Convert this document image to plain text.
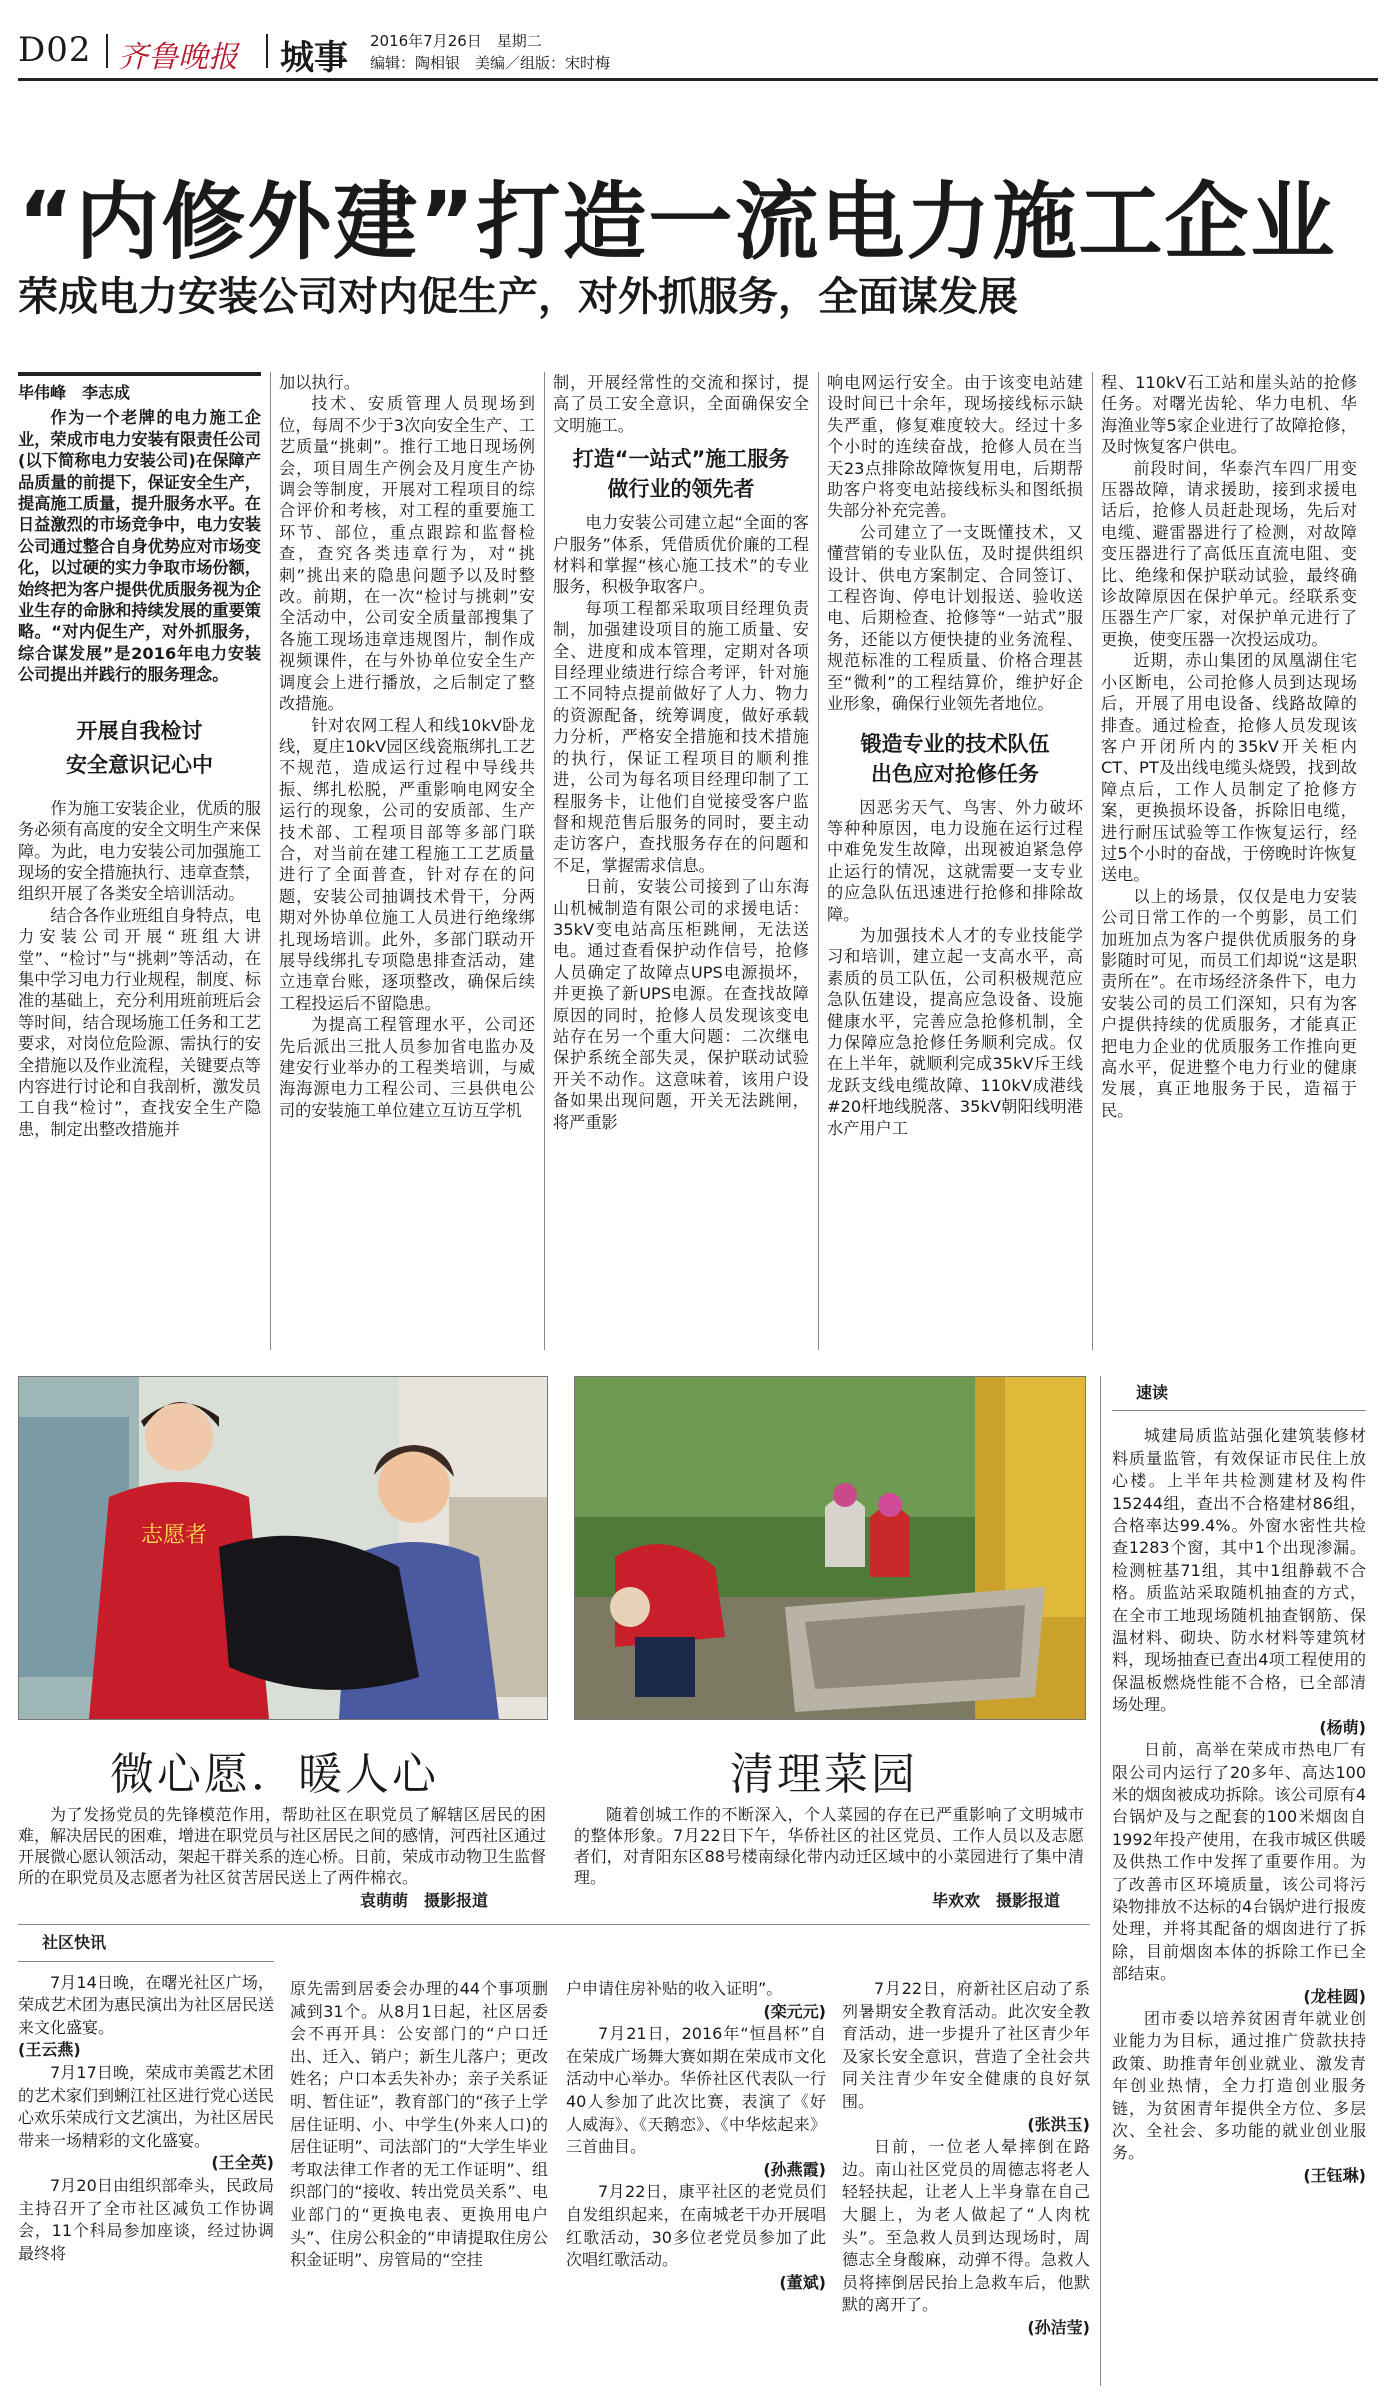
D02 齐鲁晚报 城事 2016年7月26日　星期二
编辑：陶相银　美编／组版：宋时梅
“内修外建”打造一流电力施工企业
荣成电力安装公司对内促生产，对外抓服务，全面谋发展
毕伟峰　李志成

作为一个老牌的电力施工企业，荣成市电力安装有限责任公司(以下简称电力安装公司)在保障产品质量的前提下，保证安全生产，提高施工质量，提升服务水平。在日益激烈的市场竞争中，电力安装公司通过整合自身优势应对市场变化，以过硬的实力争取市场份额，始终把为客户提供优质服务视为企业生存的命脉和持续发展的重要策略。“对内促生产，对外抓服务，综合谋发展”是2016年电力安装公司提出并践行的服务理念。

开展自我检讨
安全意识记心中

作为施工安装企业，优质的服务必须有高度的安全文明生产来保障。为此，电力安装公司加强施工现场的安全措施执行、违章查禁，组织开展了各类安全培训活动。

结合各作业班组自身特点，电力安装公司开展“班组大讲堂”、“检讨”与“挑刺”等活动，在集中学习电力行业规程，制度、标准的基础上，充分利用班前班后会等时间，结合现场施工任务和工艺要求，对岗位危险源、需执行的安全措施以及作业流程，关键要点等内容进行讨论和自我剖析，激发员工自我“检讨”，查找安全生产隐患，制定出整改措施并

加以执行。

技术、安质管理人员现场到位，每周不少于3次向安全生产、工艺质量“挑刺”。推行工地日现场例会，项目周生产例会及月度生产协调会等制度，开展对工程项目的综合评价和考核，对工程的重要施工环节、部位，重点跟踪和监督检查，查究各类违章行为，对“挑刺”挑出来的隐患问题予以及时整改。前期，在一次“检讨与挑刺”安全活动中，公司安全质量部搜集了各施工现场违章违规图片，制作成视频课件，在与外协单位安全生产调度会上进行播放，之后制定了整改措施。

针对农网工程人和线10kV卧龙线，夏庄10kV园区线瓷瓶绑扎工艺不规范，造成运行过程中导线共振、绑扎松脱，严重影响电网安全运行的现象，公司的安质部、生产技术部、工程项目部等多部门联合，对当前在建工程施工工艺质量进行了全面普查，针对存在的问题，安装公司抽调技术骨干，分两期对外协单位施工人员进行绝缘绑扎现场培训。此外，多部门联动开展导线绑扎专项隐患排查活动，建立违章台账，逐项整改，确保后续工程投运后不留隐患。

为提高工程管理水平，公司还先后派出三批人员参加省电监办及建安行业举办的工程类培训，与威海海源电力工程公司、三县供电公司的安装施工单位建立互访互学机

制，开展经常性的交流和探讨，提高了员工安全意识，全面确保安全文明施工。

打造“一站式”施工服务
做行业的领先者

电力安装公司建立起“全面的客户服务”体系，凭借质优价廉的工程材料和掌握“核心施工技术”的专业服务，积极争取客户。

每项工程都采取项目经理负责制，加强建设项目的施工质量、安全、进度和成本管理，定期对各项目经理业绩进行综合考评，针对施工不同特点提前做好了人力、物力的资源配备，统筹调度，做好承载力分析，严格安全措施和技术措施的执行，保证工程项目的顺利推进，公司为每名项目经理印制了工程服务卡，让他们自觉接受客户监督和规范售后服务的同时，要主动走访客户，查找服务存在的问题和不足，掌握需求信息。

日前，安装公司接到了山东海山机械制造有限公司的求援电话：35kV变电站高压柜跳闸，无法送电。通过查看保护动作信号，抢修人员确定了故障点UPS电源损坏，并更换了新UPS电源。在查找故障原因的同时，抢修人员发现该变电站存在另一个重大问题：二次继电保护系统全部失灵，保护联动试验开关不动作。这意味着，该用户设备如果出现问题，开关无法跳闸，将严重影

响电网运行安全。由于该变电站建设时间已十余年，现场接线标示缺失严重，修复难度较大。经过十多个小时的连续奋战，抢修人员在当天23点排除故障恢复用电，后期帮助客户将变电站接线标头和图纸损失部分补充完善。

公司建立了一支既懂技术，又懂营销的专业队伍，及时提供组织设计、供电方案制定、合同签订、工程咨询、停电计划报送、验收送电、后期检查、抢修等“一站式”服务，还能以方便快捷的业务流程、规范标准的工程质量、价格合理甚至“微利”的工程结算价，维护好企业形象，确保行业领先者地位。

锻造专业的技术队伍
出色应对抢修任务

因恶劣天气、鸟害、外力破坏等种种原因，电力设施在运行过程中难免发生故障，出现被迫紧急停止运行的情况，这就需要一支专业的应急队伍迅速进行抢修和排除故障。

为加强技术人才的专业技能学习和培训，建立起一支高水平，高素质的员工队伍，公司积极规范应急队伍建设，提高应急设备、设施健康水平，完善应急抢修机制，全力保障应急抢修任务顺利完成。仅在上半年，就顺利完成35kV斥王线龙跃支线电缆故障、110kV成港线#20杆地线脱落、35kV朝阳线明港水产用户工

程、110kV石工站和崖头站的抢修任务。对曙光齿轮、华力电机、华海渔业等5家企业进行了故障抢修，及时恢复客户供电。

前段时间，华泰汽车四厂用变压器故障，请求援助，接到求援电话后，抢修人员赶赴现场，先后对电缆、避雷器进行了检测，对故障变压器进行了高低压直流电阻、变比、绝缘和保护联动试验，最终确诊故障原因在保护单元。经联系变压器生产厂家，对保护单元进行了更换，使变压器一次投运成功。

近期，赤山集团的凤凰湖住宅小区断电，公司抢修人员到达现场后，开展了用电设备、线路故障的排查。通过检查，抢修人员发现该客户开闭所内的35kV开关柜内CT、PT及出线电缆头烧毁，找到故障点后，工作人员制定了抢修方案，更换损坏设备，拆除旧电缆，进行耐压试验等工作恢复运行，经过5个小时的奋战，于傍晚时许恢复送电。

以上的场景，仅仅是电力安装公司日常工作的一个剪影，员工们加班加点为客户提供优质服务的身影随时可见，而员工们却说“这是职责所在”。在市场经济条件下，电力安装公司的员工们深知，只有为客户提供持续的优质服务，才能真正把电力企业的优质服务工作推向更高水平，促进整个电力行业的健康发展，真正地服务于民，造福于民。

志愿者
微心愿．暖人心

为了发扬党员的先锋模范作用，帮助社区在职党员了解辖区居民的困难，解决居民的困难，增进在职党员与社区居民之间的感情，河西社区通过开展微心愿认领活动，架起干群关系的连心桥。日前，荣成市动物卫生监督所的在职党员及志愿者为社区贫苦居民送上了两件棉衣。

袁萌萌　摄影报道
清理菜园

随着创城工作的不断深入，个人菜园的存在已严重影响了文明城市的整体形象。7月22日下午，华侨社区的社区党员、工作人员以及志愿者们，对青阳东区88号楼南绿化带内动迁区域中的小菜园进行了集中清理。

毕欢欢　摄影报道
速读

城建局质监站强化建筑装修材料质量监管，有效保证市民住上放心楼。上半年共检测建材及构件15244组，查出不合格建材86组，合格率达99.4%。外窗水密性共检查1283个窗，其中1个出现渗漏。检测桩基71组，其中1组静载不合格。质监站采取随机抽查的方式，在全市工地现场随机抽查钢筋、保温材料、砌块、防水材料等建筑材料，现场抽查已查出4项工程使用的保温板燃烧性能不合格，已全部清场处理。

(杨萌)

日前，高举在荣成市热电厂有限公司内运行了20多年、高达100米的烟囱被成功拆除。该公司原有4台锅炉及与之配套的100米烟囱自1992年投产使用，在我市城区供暖及供热工作中发挥了重要作用。为了改善市区环境质量，该公司将污染物排放不达标的4台锅炉进行报废处理，并将其配备的烟囱进行了拆除，目前烟囱本体的拆除工作已全部结束。

(龙桂圆)

团市委以培养贫困青年就业创业能力为目标，通过推广贷款扶持政策、助推青年创业就业、激发青年创业热情，全力打造创业服务链，为贫困青年提供全方位、多层次、全社会、多功能的就业创业服务。

(王钰琳)
社区快讯

7月14日晚，在曙光社区广场，荣成艺术团为惠民演出为社区居民送来文化盛宴。

(王云燕)

7月17日晚，荣成市美霞艺术团的艺术家们到蜊江社区进行党心送民心欢乐荣成行文艺演出，为社区居民带来一场精彩的文化盛宴。

(王全英)

7月20日由组织部牵头，民政局主持召开了全市社区减负工作协调会，11个科局参加座谈，经过协调最终将

原先需到居委会办理的44个事项删减到31个。从8月1日起，社区居委会不再开具：公安部门的“户口迁出、迁入、销户；新生儿落户；更改姓名；户口本丢失补办；亲子关系证明、暂住证”，教育部门的“孩子上学居住证明、小、中学生(外来人口)的居住证明”、司法部门的“大学生毕业考取法律工作者的无工作证明”、组织部门的“接收、转出党员关系”、电业部门的“更换电表、更换用电户头”、住房公积金的“申请提取住房公积金证明”、房管局的“空挂

户申请住房补贴的收入证明”。

(栾元元)

7月21日，2016年“恒昌杯”自在荣成广场舞大赛如期在荣成市文化活动中心举办。华侨社区代表队一行40人参加了此次比赛，表演了《好人威海》、《天鹅恋》、《中华炫起来》三首曲目。

(孙燕霞)

7月22日，康平社区的老党员们自发组织起来，在南城老干办开展唱红歌活动，30多位老党员参加了此次唱红歌活动。

(董斌)

7月22日，府新社区启动了系列暑期安全教育活动。此次安全教育活动，进一步提升了社区青少年及家长安全意识，营造了全社会共同关注青少年安全健康的良好氛围。

(张洪玉)

日前，一位老人晕摔倒在路边。南山社区党员的周德志将老人轻轻扶起，让老人上半身靠在自己大腿上，为老人做起了“人肉枕头”。至急救人员到达现场时，周德志全身酸麻，动弹不得。急救人员将摔倒居民抬上急救车后，他默默的离开了。

(孙洁莹)
